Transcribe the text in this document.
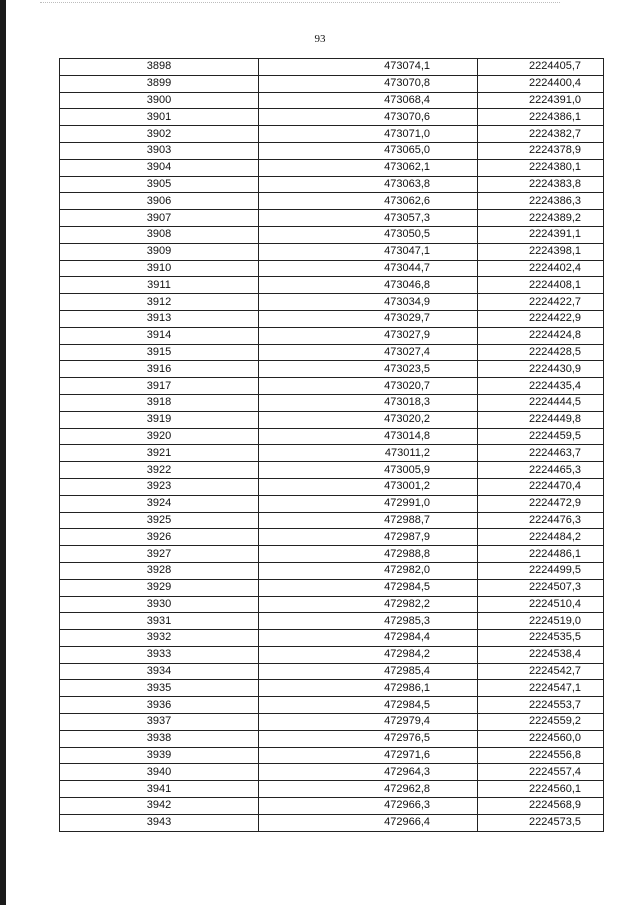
93
3898	473074,1	2224405,7
3899	473070,8	2224400,4
3900	473068,4	2224391,0
3901	473070,6	2224386,1
3902	473071,0	2224382,7
3903	473065,0	2224378,9
3904	473062,1	2224380,1
3905	473063,8	2224383,8
3906	473062,6	2224386,3
3907	473057,3	2224389,2
3908	473050,5	2224391,1
3909	473047,1	2224398,1
3910	473044,7	2224402,4
3911	473046,8	2224408,1
3912	473034,9	2224422,7
3913	473029,7	2224422,9
3914	473027,9	2224424,8
3915	473027,4	2224428,5
3916	473023,5	2224430,9
3917	473020,7	2224435,4
3918	473018,3	2224444,5
3919	473020,2	2224449,8
3920	473014,8	2224459,5
3921	473011,2	2224463,7
3922	473005,9	2224465,3
3923	473001,2	2224470,4
3924	472991,0	2224472,9
3925	472988,7	2224476,3
3926	472987,9	2224484,2
3927	472988,8	2224486,1
3928	472982,0	2224499,5
3929	472984,5	2224507,3
3930	472982,2	2224510,4
3931	472985,3	2224519,0
3932	472984,4	2224535,5
3933	472984,2	2224538,4
3934	472985,4	2224542,7
3935	472986,1	2224547,1
3936	472984,5	2224553,7
3937	472979,4	2224559,2
3938	472976,5	2224560,0
3939	472971,6	2224556,8
3940	472964,3	2224557,4
3941	472962,8	2224560,1
3942	472966,3	2224568,9
3943	472966,4	2224573,5
